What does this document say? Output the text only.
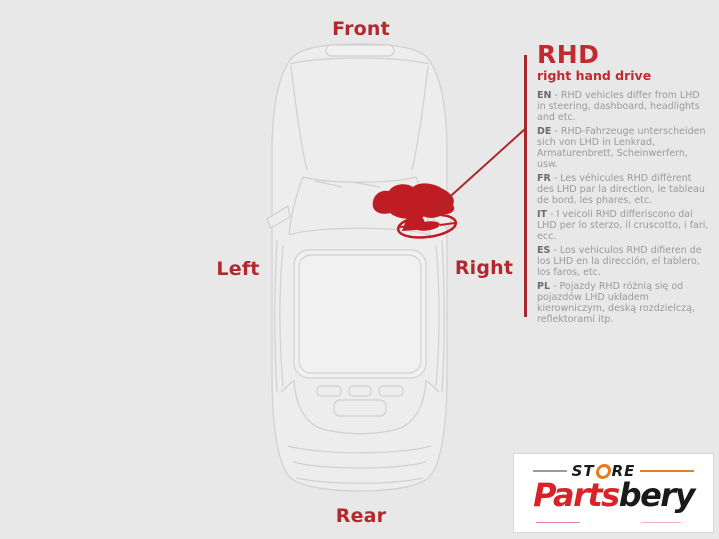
Front
Left	Right
Rear
RHD
right hand drive

EN - RHD vehicles differ from LHD in steering, dashboard, headlights and etc.

DE - RHD-Fahrzeuge unterscheiden sich von LHD in Lenkrad, Armaturenbrett, Scheinwerfern, usw.

FR - Les véhicules RHD diffèrent des LHD par la direction, le tableau de bord, les phares, etc.

IT - I veicoli RHD differiscono dai LHD per lo sterzo, il cruscotto, i fari, ecc.

ES - Los vehiculos RHD difieren de los LHD en la dirección, el tablero, los faros, etc.

PL - Pojazdy RHD różnią się od pojazdów LHD układem kierowniczym, deską rozdzielczą, reflektorami itp.

ST RE
Partsbery
